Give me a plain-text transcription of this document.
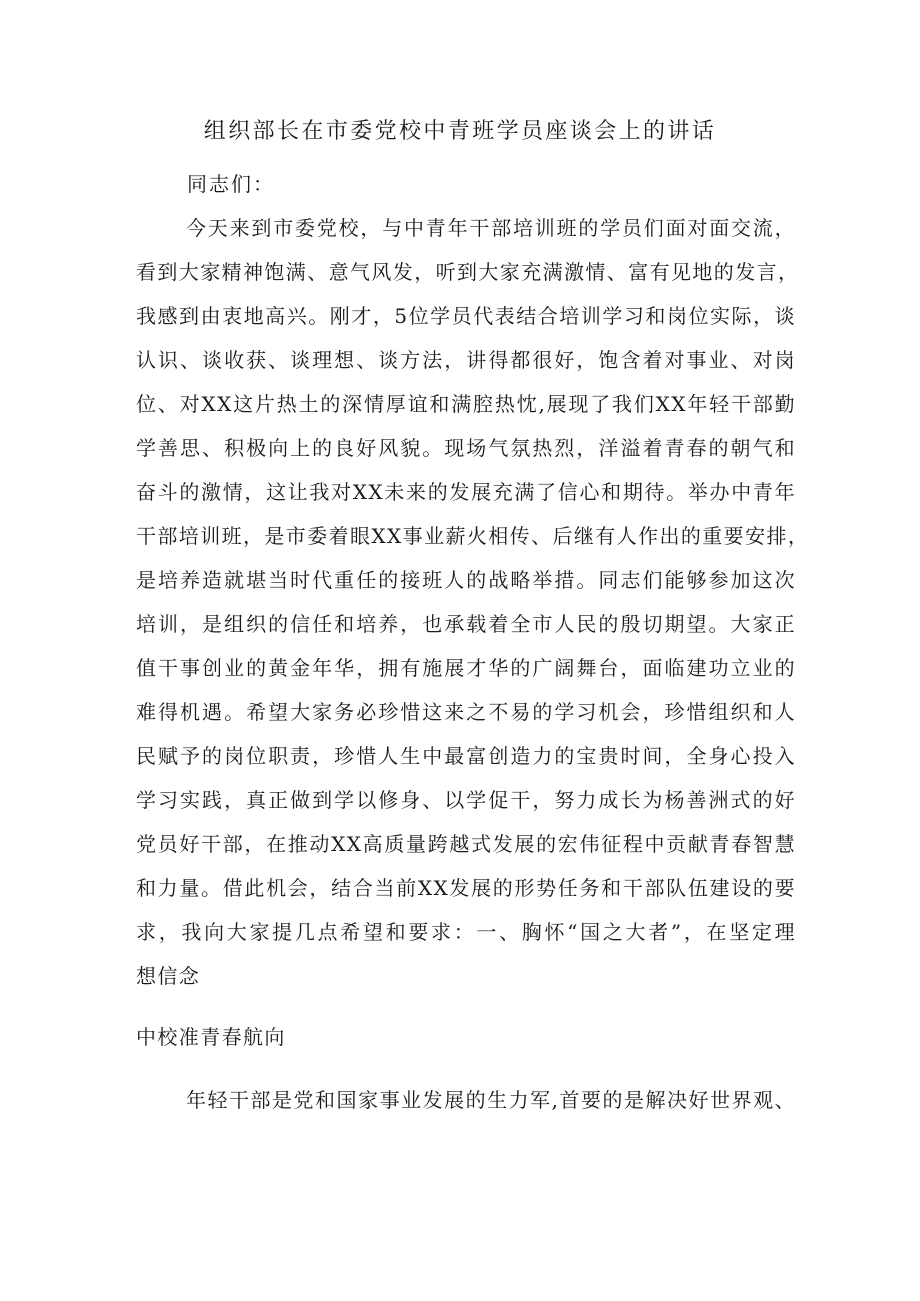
组织部长在市委党校中青班学员座谈会上的讲话
同志们：
今天来到市委党校，与中青年干部培训班的学员们面对面交流，
看到大家精神饱满、意气风发，听到大家充满激情、富有见地的发言，
我感到由衷地高兴。刚才，5位学员代表结合培训学习和岗位实际，谈
认识、谈收获、谈理想、谈方法，讲得都很好，饱含着对事业、对岗
位、对XX这片热土的深情厚谊和满腔热忱,展现了我们XX年轻干部勤
学善思、积极向上的良好风貌。现场气氛热烈，洋溢着青春的朝气和
奋斗的激情，这让我对XX未来的发展充满了信心和期待。举办中青年
干部培训班，是市委着眼XX事业薪火相传、后继有人作出的重要安排，
是培养造就堪当时代重任的接班人的战略举措。同志们能够参加这次
培训，是组织的信任和培养，也承载着全市人民的殷切期望。大家正
值干事创业的黄金年华，拥有施展才华的广阔舞台，面临建功立业的
难得机遇。希望大家务必珍惜这来之不易的学习机会，珍惜组织和人
民赋予的岗位职责，珍惜人生中最富创造力的宝贵时间，全身心投入
学习实践，真正做到学以修身、以学促干，努力成长为杨善洲式的好
党员好干部，在推动XX高质量跨越式发展的宏伟征程中贡献青春智慧
和力量。借此机会，结合当前XX发展的形势任务和干部队伍建设的要
求，我向大家提几点希望和要求：一、胸怀“国之大者”，在坚定理
想信念
中校准青春航向
年轻干部是党和国家事业发展的生力军,首要的是解决好世界观、
